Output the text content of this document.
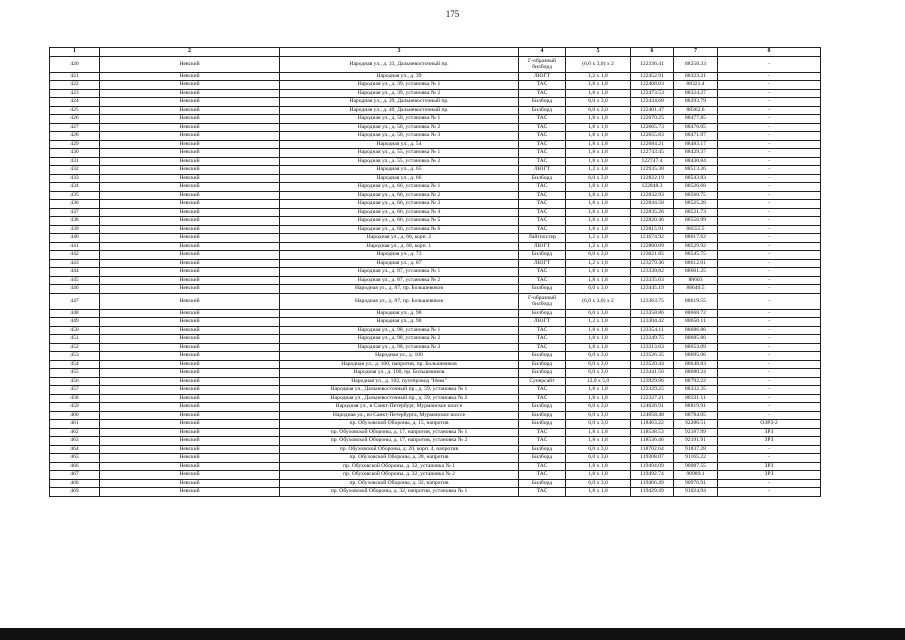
175
1	2	3	4	5	6	7	8
420	Невский	Народная ул., д. 33, Дальневосточный пр.	Г-образный билборд	(6,0 х 3,0) х 2	122336.41	88258.33	-
421	Невский	Народная ул., д. 39	ЛЮГТ	1,2 х 1,8	122452.91	88323.21	-
422	Невский	Народная ул., д. 39, установка № 1	ТАС	1,8 х 1,8	122468.03	88321.4	-
423	Невский	Народная ул., д. 39, установка № 2	ТАС	1,8 х 1,8	122473.53	88324.27	-
424	Невский	Народная ул., д. 39, Дальневосточный пр.	Билборд	6,0 х 3,0	122434.68	88293.79	-
425	Невский	Народная ул., д. 40, Дальневосточный пр.	Билборд	6,0 х 3,0	122401.47	88362.6	-
426	Невский	Народная ул., д. 50, установка № 1	ТАС	1,8 х 1,8	122670.25	88477.85	-
427	Невский	Народная ул., д. 50, установка № 2	ТАС	1,8 х 1,8	122665.73	88476.05	-
428	Невский	Народная ул., д. 50, установка № 3	ТАС	1,8 х 1,8	122655.83	88471.97	-
429	Невский	Народная ул., д. 54	ТАС	1,8 х 1,8	122684.21	88483.17	-
430	Невский	Народная ул., д. 55, установка № 1	ТАС	1,8 х 1,8	122743.45	88429.37	-
431	Невский	Народная ул., д. 55, установка № 2	ТАС	1,8 х 1,8	122747.4	88430.84	-
432	Невский	Народная ул., д. 65	ЛЮГТ	1,2 х 1,8	122935.38	88513.26	-
433	Невский	Народная ул., д. 66	Билборд	6,0 х 3,0	122822.19	88543.83	-
434	Невский	Народная ул., д. 66, установка № 1	ТАС	1,8 х 1,8	122848.3	88526.68	-
435	Невский	Народная ул., д. 66, установка № 2	ТАС	1,8 х 1,8	122832.93	88560.75	-
436	Невский	Народная ул., д. 66, установка № 3	ТАС	1,8 х 1,8	122844.58	88525.28	-
437	Невский	Народная ул., д. 66, установка № 4	ТАС	1,8 х 1,8	122835.26	88521.73	-
438	Невский	Народная ул., д. 66, установка № 5	ТАС	1,8 х 1,8	122820.46	88556.99	-
439	Невский	Народная ул., д. 66, установка № 6	ТАС	1,8 х 1,8	122815.91	88555.5	-
440	Невский	Народная ул., д. 66, корп. 2	Лайтпостер	1,2 х 1,8	121674.92	88017.62	-
441	Невский	Народная ул., д. 68, корп. 1	ЛЮГТ	1,2 х 1,8	122860.09	88529.92	-
442	Невский	Народная ул., д. 73	Билборд	6,0 х 3,0	123021.85	88545.75	-
443	Невский	Народная ул., д. 87	ЛЮГТ	1,2 х 1,8	123279.46	88612.01	-
444	Невский	Народная ул., д. 87, установка № 1	ТАС	1,8 х 1,8	123330.82	88601.25	-
445	Невский	Народная ул., д. 87, установка № 2	ТАС	1,8 х 1,8	123335.03	88603	-
446	Невский	Народная ул., д. 87, пр. Большевиков	Билборд	6,0 х 3,0	123445.19	88640.5	-
447	Невский	Народная ул., д. 87, пр. Большевиков	Г-образный билборд	(6,0 х 3,0) х 2	123363.75	88619.55	-
448	Невский	Народная ул., д. 98	Билборд	6,0 х 3,0	123358.86	88668.72	-
449	Невский	Народная ул., д. 98	ЛЮГТ	1,2 х 1,8	123304.42	88650.11	-
450	Невский	Народная ул., д. 98, установка № 1	ТАС	1,8 х 1,8	123354.11	88686.86	-
451	Невский	Народная ул., д. 98, установка № 2	ТАС	1,8 х 1,8	123349.75	88685.86	-
452	Невский	Народная ул., д. 98, установка № 3	ТАС	1,8 х 1,8	123313.63	88653.09	-
453	Невский	Народная ул., д. 100	Билборд	6,0 х 3,0	123526.35	88695.06	-
454	Невский	Народная ул., д. 100, напротив, пр. Большевиков	Билборд	6,0 х 3,0	123520.44	88648.83	-
455	Невский	Народная ул., д. 100, пр. Большевиков	Билборд	6,0 х 3,0	123441.56	88680.24	-
456	Невский	Народная ул., д. 102, путепровод "Нева"	Суперсайт	12,0 х 5,0	123929.96	88792.22	-
457	Невский	Народная ул., Дальневосточный пр., д. 59, установка № 1	ТАС	1,8 х 1,8	122329.25	88332.35	-
458	Невский	Народная ул., Дальневосточный пр., д. 59, установка № 2	ТАС	1,8 х 1,8	122327.21	88331.11	-
459	Невский	Народная ул., в Санкт-Петербург, Мурманское шоссе	Билборд	6,0 х 3,0	124026.91	88819.91	-
460	Невский	Народная ул., из Санкт-Петербурга, Мурманское шоссе	Билборд	6,0 х 3,0	124058.48	88784.05	-
461	Невский	пр. Обуховской Обороны, д. 15, напротив	Билборд	6,0 х 3,0	118463.22	92286.51	ОЗРЗ-2
462	Невский	пр. Обуховской Обороны, д. 17, напротив, установка № 1	ТАС	1,8 х 1,8	118538.53	92187.99	ЗРЗ
463	Невский	пр. Обуховской Обороны, д. 17, напротив, установка № 2	ТАС	1,8 х 1,8	118536.46	92191.91	ЗРЗ
464	Невский	пр. Обуховской Обороны, д. 20, корп. 4, напротив	Билборд	6,0 х 3,0	118702.64	91837.28	-
465	Невский	пр. Обуховской Обороны, д. 28, напротив	Билборд	6,0 х 3,0	119308.07	91165.22	-
466	Невский	пр. Обуховской Обороны, д. 32, установка № 1	ТАС	1,8 х 1,8	119494.09	90987.55	ЗРЗ
467	Невский	пр. Обуховской Обороны, д. 32, установка № 2	ТАС	1,8 х 1,8	119492.74	90989.1	ЗРЗ
468	Невский	пр. Обуховской Обороны, д. 32, напротив	Билборд	6,0 х 3,0	119466.49	90976.91	-
469	Невский	пр. Обуховской Обороны, д. 32, напротив, установка № 1	ТАС	1,8 х 1,8	119429.49	91024.94	-
